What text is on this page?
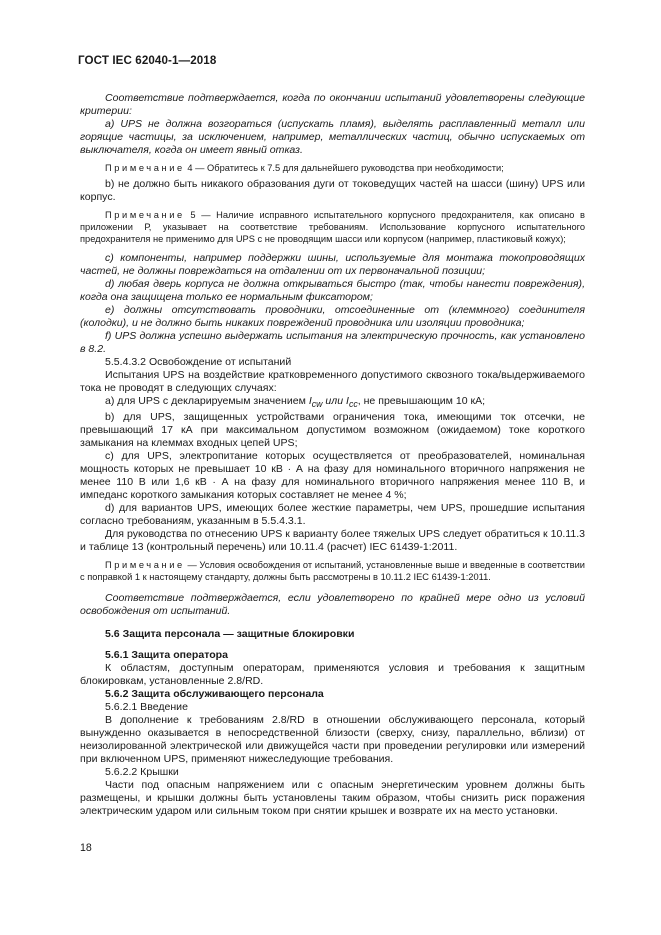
ГОСТ IEC 62040-1—2018

Соответствие подтверждается, когда по окончании испытаний удовлетворены следующие критерии:

а) UPS не должна возгораться (испускать пламя), выделять расплавленный металл или горящие частицы, за исключением, например, металлических частиц, обычно испускаемых от выключателя, когда он имеет явный отказ.

Примечание 4 — Обратитесь к 7.5 для дальнейшего руководства при необходимости;

b) не должно быть никакого образования дуги от токоведущих частей на шасси (шину) UPS или корпус.

Примечание 5 — Наличие исправного испытательного корпусного предохранителя, как описано в приложении Р, указывает на соответствие требованиям. Использование корпусного испытательного предохранителя не применимо для UPS с не проводящим шасси или корпусом (например, пластиковый кожух);

c) компоненты, например поддержки шины, используемые для монтажа токопроводящих частей, не должны повреждаться на отдалении от их первоначальной позиции;

d) любая дверь корпуса не должна открываться быстро (так, чтобы нанести повреждения), когда она защищена только ее нормальным фиксатором;

e) должны отсутствовать проводники, отсоединенные от (клеммного) соединителя (колодки), и не должно быть никаких повреждений проводника или изоляции проводника;

f) UPS должна успешно выдержать испытания на электрическую прочность, как установлено в 8.2.

5.5.4.3.2 Освобождение от испытаний

Испытания UPS на воздействие кратковременного допустимого сквозного тока/выдерживаемого тока не проводят в следующих случаях:

a) для UPS с декларируемым значением $I_{cw}$ или $I_{cc}$, не превышающим 10 кА;

b) для UPS, защищенных устройствами ограничения тока, имеющими ток отсечки, не превышающий 17 кА при максимальном допустимом возможном (ожидаемом) токе короткого замыкания на клеммах входных цепей UPS;

c) для UPS, электропитание которых осуществляется от преобразователей, номинальная мощность которых не превышает 10 кВ · А на фазу для номинального вторичного напряжения не менее 110 В или 1,6 кВ · А на фазу для номинального вторичного напряжения менее 110 В, и импеданс короткого замыкания которых составляет не менее 4 %;

d) для вариантов UPS, имеющих более жесткие параметры, чем UPS, прошедшие испытания согласно требованиям, указанным в 5.5.4.3.1.

Для руководства по отнесению UPS к варианту более тяжелых UPS следует обратиться к 10.11.3 и таблице 13 (контрольный перечень) или 10.11.4 (расчет) IEC 61439-1:2011.

Примечание — Условия освобождения от испытаний, установленные выше и введенные в соответствии с поправкой 1 к настоящему стандарту, должны быть рассмотрены в 10.11.2 IEC 61439-1:2011.

Соответствие подтверждается, если удовлетворено по крайней мере одно из условий освобождения от испытаний.

5.6 Защита персонала — защитные блокировки

5.6.1 Защита оператора

К областям, доступным операторам, применяются условия и требования к защитным блокировкам, установленные 2.8/RD.

5.6.2 Защита обслуживающего персонала

5.6.2.1 Введение

В дополнение к требованиям 2.8/RD в отношении обслуживающего персонала, который вынужденно оказывается в непосредственной близости (сверху, снизу, параллельно, вблизи) от неизолированной электрической или движущейся части при проведении регулировки или измерений при включенном UPS, применяют нижеследующие требования.

5.6.2.2 Крышки

Части под опасным напряжением или с опасным энергетическим уровнем должны быть размещены, и крышки должны быть установлены таким образом, чтобы снизить риск поражения электрическим ударом или сильным током при снятии крышек и возврате их на место установки.

18
